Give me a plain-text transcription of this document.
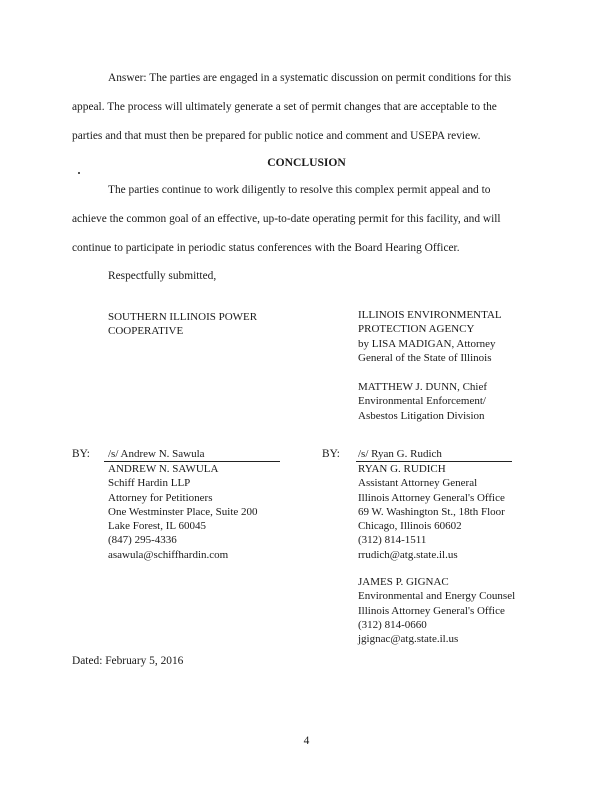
Answer: The parties are engaged in a systematic discussion on permit conditions for this
appeal. The process will ultimately generate a set of permit changes that are acceptable to the
parties and that must then be prepared for public notice and comment and USEPA review.
CONCLUSION
The parties continue to work diligently to resolve this complex permit appeal and to
achieve the common goal of an effective, up-to-date operating permit for this facility, and will
continue to participate in periodic status conferences with the Board Hearing Officer.
Respectfully submitted,
SOUTHERN ILLINOIS POWER
COOPERATIVE
ILLINOIS ENVIRONMENTAL
PROTECTION AGENCY
by LISA MADIGAN, Attorney
General of the State of Illinois
MATTHEW J. DUNN, Chief
Environmental Enforcement/
Asbestos Litigation Division
BY: /s/ Andrew N. Sawula
ANDREW N. SAWULA
Schiff Hardin LLP
Attorney for Petitioners
One Westminster Place, Suite 200
Lake Forest, IL 60045
(847) 295-4336
asawula@schiffhardin.com
BY: /s/ Ryan G. Rudich
RYAN G. RUDICH
Assistant Attorney General
Illinois Attorney General's Office
69 W. Washington St., 18th Floor
Chicago, Illinois 60602
(312) 814-1511
rrudich@atg.state.il.us
JAMES P. GIGNAC
Environmental and Energy Counsel
Illinois Attorney General's Office
(312) 814-0660
jgignac@atg.state.il.us
Dated: February 5, 2016
4
